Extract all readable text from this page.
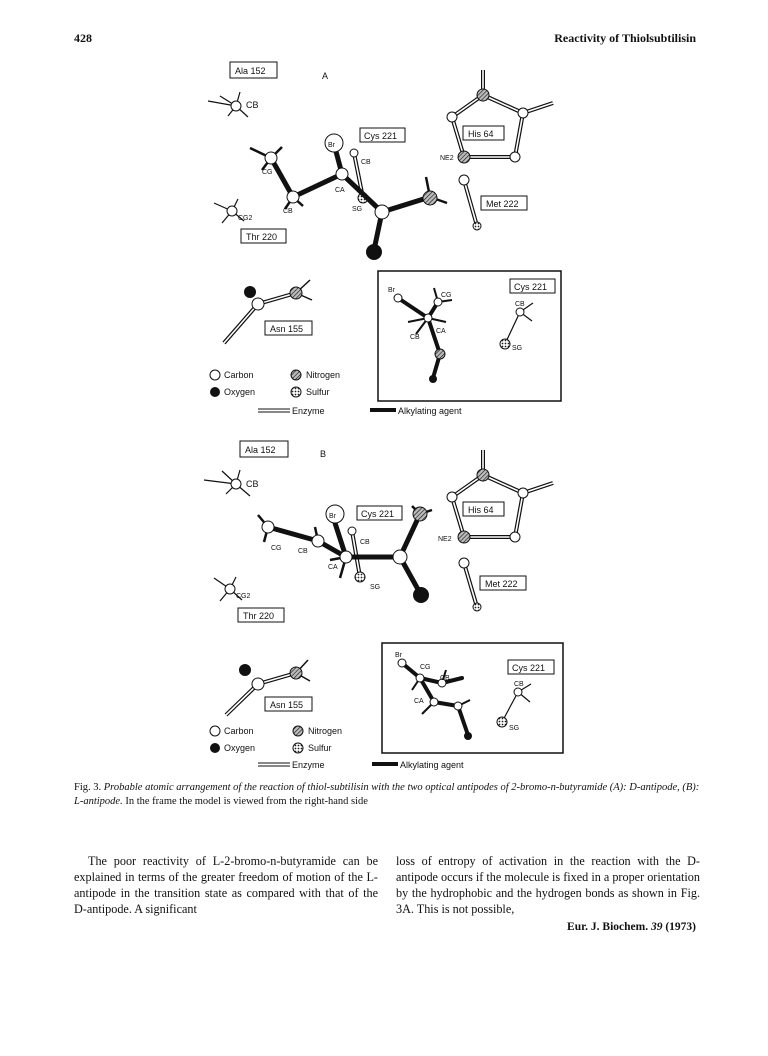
428	Reactivity of Thiolsubtilisin
A
Ala 152
CB
His 64
NE2
Met 222
Cys 221
CB
SG
CG
CB
CA
Br
CG2
Thr 220
Asn 155
Carbon
Oxygen
Nitrogen
Sulfur
Enzyme	Alkylating agent
Br
CG
CA
CB
Cys 221
CB
SG
B
Ala 152
CB
His 64
NE2
Met 222
Cys 221
CB
SG
CG CB
CA
Br
CG2
Thr 220
Asn 155
Carbon
Oxygen
Nitrogen
Sulfur
Enzyme	Alkylating agent
Br
CG
CB
CA
Cys 221
CB
SG
Fig. 3. Probable atomic arrangement of the reaction of thiol-subtilisin with the two optical antipodes of 2-bromo-n-butyramide (A): D-antipode, (B): L-antipode. In the frame the model is viewed from the right-hand side
The poor reactivity of L-2-bromo-n-butyramide can be explained in terms of the greater freedom of motion of the L-antipode in the transition state as compared with that of the D-antipode. A significant
loss of entropy of activation in the reaction with the D-antipode occurs if the molecule is fixed in a proper orientation by the hydrophobic and the hydrogen bonds as shown in Fig. 3A. This is not possible,
Eur. J. Biochem. 39 (1973)
